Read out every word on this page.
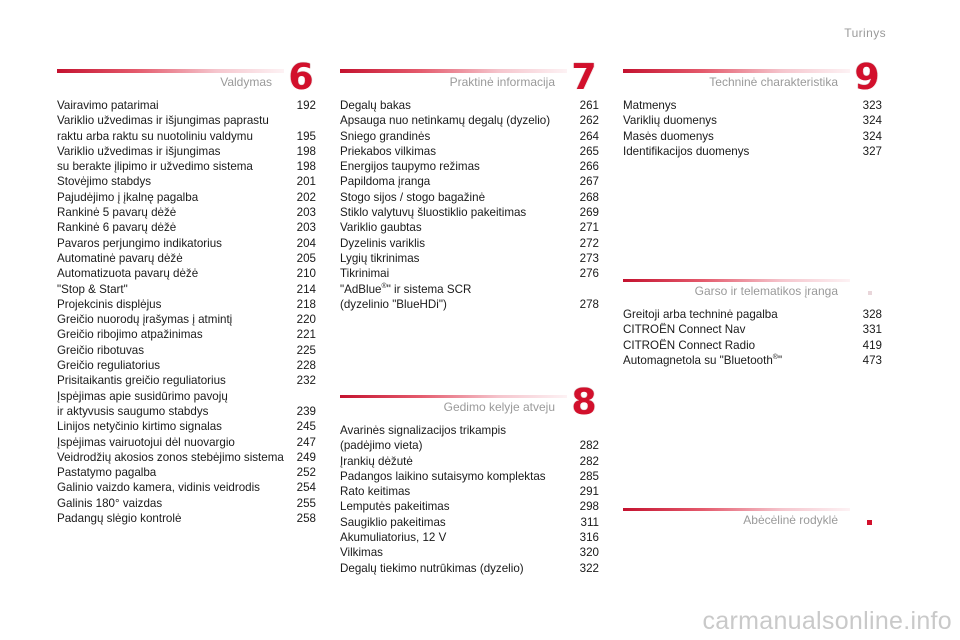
Turinys
Valdymas 6
Vairavimo patarimai	192
Variklio užvedimas ir išjungimas paprastu
raktu arba raktu su nuotoliniu valdymu	195
Variklio užvedimas ir išjungimas	198
su berakte įlipimo ir užvedimo sistema	198
Stovėjimo stabdys	201
Pajudėjimo į įkalnę pagalba	202
Rankinė 5 pavarų dėžė	203
Rankinė 6 pavarų dėžė	203
Pavaros perjungimo indikatorius	204
Automatinė pavarų dėžė	205
Automatizuota pavarų dėžė	210
"Stop & Start"	214
Projekcinis displėjus	218
Greičio nuorodų įrašymas į atmintį	220
Greičio ribojimo atpažinimas	221
Greičio ribotuvas	225
Greičio reguliatorius	228
Prisitaikantis greičio reguliatorius	232
Įspėjimas apie susidūrimo pavojų
ir aktyvusis saugumo stabdys	239
Linijos netyčinio kirtimo signalas	245
Įspėjimas vairuotojui dėl nuovargio	247
Veidrodžių akosios zonos stebėjimo sistema	249
Pastatymo pagalba	252
Galinio vaizdo kamera, vidinis veidrodis	254
Galinis 180° vaizdas	255
Padangų slėgio kontrolė	258
Praktinė informacija 7
Degalų bakas	261
Apsauga nuo netinkamų degalų (dyzelio)	262
Sniego grandinės	264
Priekabos vilkimas	265
Energijos taupymo režimas	266
Papildoma įranga	267
Stogo sijos / stogo bagažinė	268
Stiklo valytuvų šluostiklio pakeitimas	269
Variklio gaubtas	271
Dyzelinis variklis	272
Lygių tikrinimas	273
Tikrinimai	276
"AdBlue®" ir sistema SCR
(dyzelinio "BlueHDi")	278
Gedimo kelyje atveju 8
Avarinės signalizacijos trikampis
(padėjimo vieta)	282
Įrankių dėžutė	282
Padangos laikino sutaisymo komplektas	285
Rato keitimas	291
Lemputės pakeitimas	298
Saugiklio pakeitimas	311
Akumuliatorius, 12 V	316
Vilkimas	320
Degalų tiekimo nutrūkimas (dyzelio)	322
Techninė charakteristika 9
Matmenys	323
Variklių duomenys	324
Masės duomenys	324
Identifikacijos duomenys	327
Garso ir telematikos įranga
Greitoji arba techninė pagalba	328
CITROËN Connect Nav	331
CITROËN Connect Radio	419
Automagnetola su "Bluetooth®"	473
Abėcėlinė rodyklė
carmanualsonline.info
